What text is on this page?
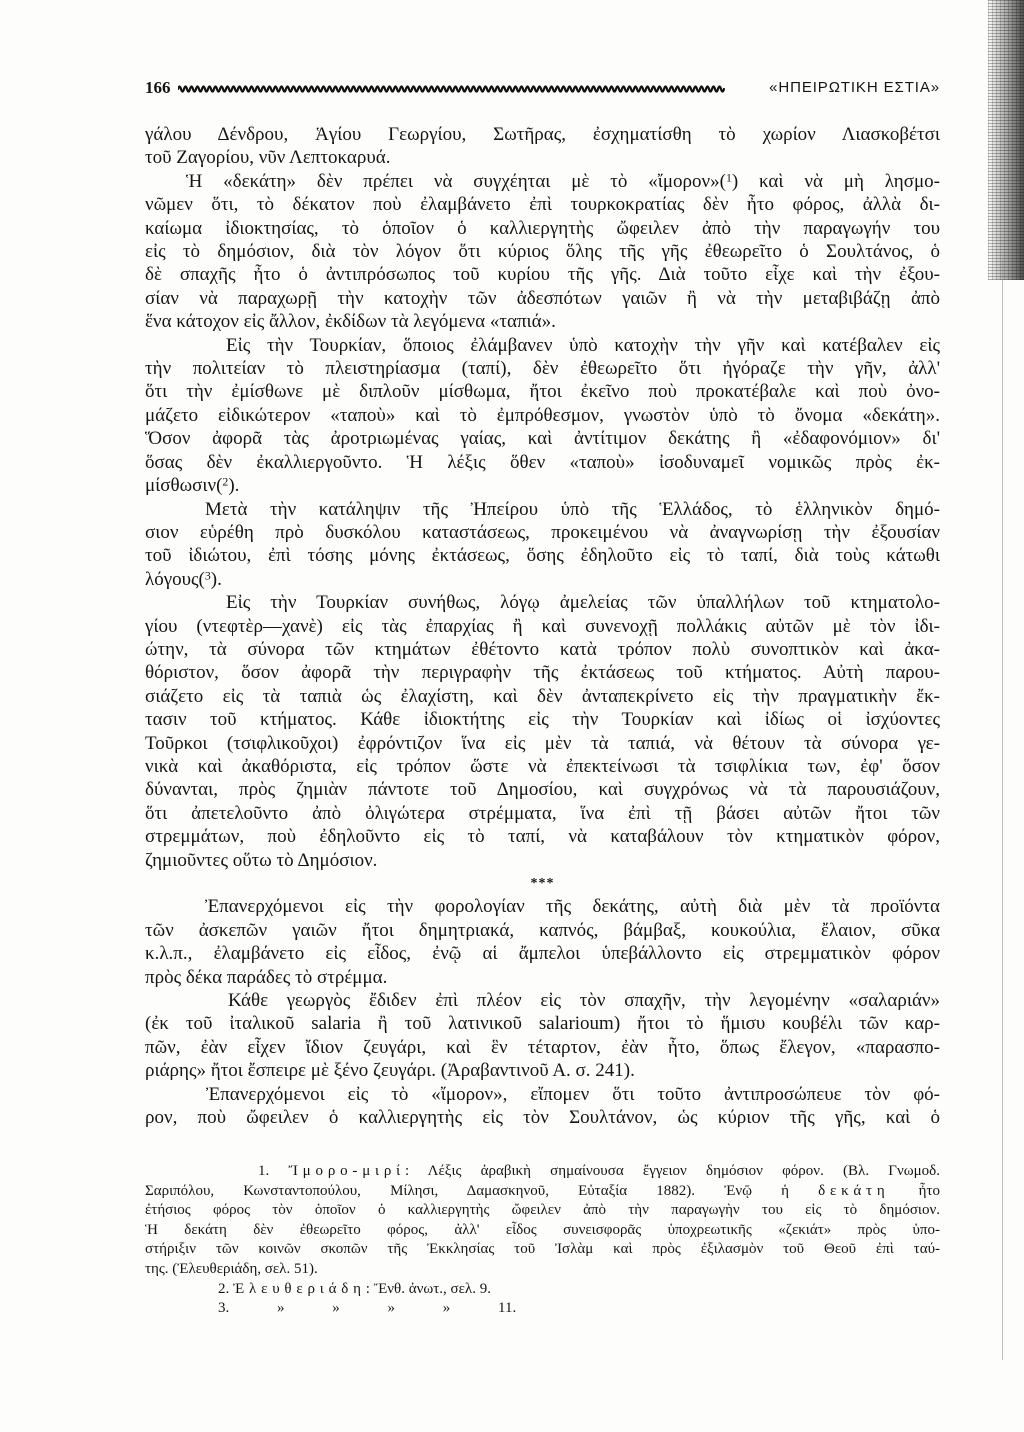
166	«ΗΠΕΙΡΩΤΙΚΗ ΕΣΤΙΑ»
γάλου Δένδρου, Ἁγίου Γεωργίου, Σωτῆρας, ἐσχηματίσθη τὸ χωρίον Λιασκοβέτσι
τοῦ Ζαγορίου, νῦν Λεπτοκαρυά.
Ἡ «δεκάτη» δὲν πρέπει νὰ συγχέηται μὲ τὸ «ἴμορον»($^1$) καὶ νὰ μὴ λησμο-
νῶμεν ὅτι, τὸ δέκατον ποὺ ἐλαμβάνετο ἐπὶ τουρκοκρατίας δὲν ἦτο φόρος, ἀλλὰ δι-
καίωμα ἰδιοκτησίας, τὸ ὁποῖον ὁ καλλιεργητὴς ὤφειλεν ἀπὸ τὴν παραγωγήν του
εἰς τὸ δημόσιον, διὰ τὸν λόγον ὅτι κύριος ὅλης τῆς γῆς ἐθεωρεῖτο ὁ Σουλτάνος, ὁ
δὲ σπαχῆς ἦτο ὁ ἀντιπρόσωπος τοῦ κυρίου τῆς γῆς. Διὰ τοῦτο εἶχε καὶ τὴν ἐξου-
σίαν νὰ παραχωρῇ τὴν κατοχὴν τῶν ἀδεσπότων γαιῶν ἢ νὰ τὴν μεταβιβάζῃ ἀπὸ
ἕνα κάτοχον εἰς ἄλλον, ἐκδίδων τὰ λεγόμενα «ταπιά».
Εἰς τὴν Τουρκίαν, ὅποιος ἐλάμβανεν ὑπὸ κατοχὴν τὴν γῆν καὶ κατέβαλεν εἰς
τὴν πολιτείαν τὸ πλειστηρίασμα (ταπί), δὲν ἐθεωρεῖτο ὅτι ἠγόραζε τὴν γῆν, ἀλλ'
ὅτι τὴν ἐμίσθωνε μὲ διπλοῦν μίσθωμα, ἤτοι ἐκεῖνο ποὺ προκατέβαλε καὶ ποὺ ὀνο-
μάζετο εἰδικώτερον «ταποὺ» καὶ τὸ ἐμπρόθεσμον, γνωστὸν ὑπὸ τὸ ὄνομα «δεκάτη».
Ὅσον ἀφορᾶ τὰς ἀροτριωμένας γαίας, καὶ ἀντίτιμον δεκάτης ἢ «ἐδαφονόμιον» δι'
ὅσας δὲν ἐκαλλιεργοῦντο. Ἡ λέξις ὅθεν «ταποὺ» ἰσοδυναμεῖ νομικῶς πρὸς ἐκ-
μίσθωσιν($^2$).
Μετὰ τὴν κατάληψιν τῆς Ἠπείρου ὑπὸ τῆς Ἑλλάδος, τὸ ἑλληνικὸν δημό-
σιον εὑρέθη πρὸ δυσκόλου καταστάσεως, προκειμένου νὰ ἀναγνωρίσῃ τὴν ἐξουσίαν
τοῦ ἰδιώτου, ἐπὶ τόσης μόνης ἐκτάσεως, ὅσης ἐδηλοῦτο εἰς τὸ ταπί, διὰ τοὺς κάτωθι
λόγους($^3$).
Εἰς τὴν Τουρκίαν συνήθως, λόγῳ ἀμελείας τῶν ὑπαλλήλων τοῦ κτηματολο-
γίου (ντεφτὲρ—χανὲ) εἰς τὰς ἐπαρχίας ἢ καὶ συνενοχῇ πολλάκις αὐτῶν μὲ τὸν ἰδι-
ώτην, τὰ σύνορα τῶν κτημάτων ἐθέτοντο κατὰ τρόπον πολὺ συνοπτικὸν καὶ ἀκα-
θόριστον, ὅσον ἀφορᾶ τὴν περιγραφὴν τῆς ἐκτάσεως τοῦ κτήματος. Αὐτὴ παρου-
σιάζετο εἰς τὰ ταπιὰ ὡς ἐλαχίστη, καὶ δὲν ἀνταπεκρίνετο εἰς τὴν πραγματικὴν ἔκ-
τασιν τοῦ κτήματος. Κάθε ἰδιοκτήτης εἰς τὴν Τουρκίαν καὶ ἰδίως οἱ ἰσχύοντες
Τοῦρκοι (τσιφλικοῦχοι) ἐφρόντιζον ἵνα εἰς μὲν τὰ ταπιά, νὰ θέτουν τὰ σύνορα γε-
νικὰ καὶ ἀκαθόριστα, εἰς τρόπον ὥστε νὰ ἐπεκτείνωσι τὰ τσιφλίκια των, ἐφ' ὅσον
δύνανται, πρὸς ζημιὰν πάντοτε τοῦ Δημοσίου, καὶ συγχρόνως νὰ τὰ παρουσιάζουν,
ὅτι ἀπετελοῦντο ἀπὸ ὀλιγώτερα στρέμματα, ἵνα ἐπὶ τῇ βάσει αὐτῶν ἤτοι τῶν
στρεμμάτων, ποὺ ἐδηλοῦντο εἰς τὸ ταπί, νὰ καταβάλουν τὸν κτηματικὸν φόρον,
ζημιοῦντες οὕτω τὸ Δημόσιον.
***
Ἐπανερχόμενοι εἰς τὴν φορολογίαν τῆς δεκάτης, αὐτὴ διὰ μὲν τὰ προϊόντα
τῶν ἀσκεπῶν γαιῶν ἤτοι δημητριακά, καπνός, βάμβαξ, κουκούλια, ἔλαιον, σῦκα
κ.λ.π., ἐλαμβάνετο εἰς εἶδος, ἐνῷ αἱ ἄμπελοι ὑπεβάλλοντο εἰς στρεμματικὸν φόρον
πρὸς δέκα παράδες τὸ στρέμμα.
Κάθε γεωργὸς ἔδιδεν ἐπὶ πλέον εἰς τὸν σπαχῆν, τὴν λεγομένην «σαλαριάν»
(ἐκ τοῦ ἰταλικοῦ salaria ἢ τοῦ λατινικοῦ salarioum) ἤτοι τὸ ἥμισυ κουβέλι τῶν καρ-
πῶν, ἐὰν εἶχεν ἴδιον ζευγάρι, καὶ ἓν τέταρτον, ἐὰν ἦτο, ὅπως ἔλεγον, «παρασπο-
ριάρης» ἤτοι ἔσπειρε μὲ ξένο ζευγάρι. (Ἀραβαντινοῦ Α. σ. 241).
Ἐπανερχόμενοι εἰς τὸ «ἴμορον», εἴπομεν ὅτι τοῦτο ἀντιπροσώπευε τὸν φό-
ρον, ποὺ ὤφειλεν ὁ καλλιεργητὴς εἰς τὸν Σουλτάνον, ὡς κύριον τῆς γῆς, καὶ ὁ
1. Ἴμορο-μιρί: Λέξις ἀραβικὴ σημαίνουσα ἔγγειον δημόσιον φόρον. (Βλ. Γνωμοδ.
Σαριπόλου, Κωνσταντοπούλου, Μίλησι, Δαμασκηνοῦ, Εὐταξία 1882). Ἐνῷ ἡ δεκάτη ἦτο
ἐτήσιος φόρος τὸν ὁποῖον ὁ καλλιεργητὴς ὤφειλεν ἀπὸ τὴν παραγωγὴν του εἰς τὸ δημόσιον.
Ἡ δεκάτη δὲν ἐθεωρεῖτο φόρος, ἀλλ' εἶδος συνεισφορᾶς ὑποχρεωτικῆς «ζεκιάτ» πρὸς ὑπο-
στήριξιν τῶν κοινῶν σκοπῶν τῆς Ἐκκλησίας τοῦ Ἰσλὰμ καὶ πρὸς ἐξιλασμὸν τοῦ Θεοῦ ἐπὶ ταύ-
της. (Ἐλευθεριάδη, σελ. 51).
2. Ἐλευθεριάδη: Ἔνθ. ἀνωτ., σελ. 9.
3. » » » » 11.
